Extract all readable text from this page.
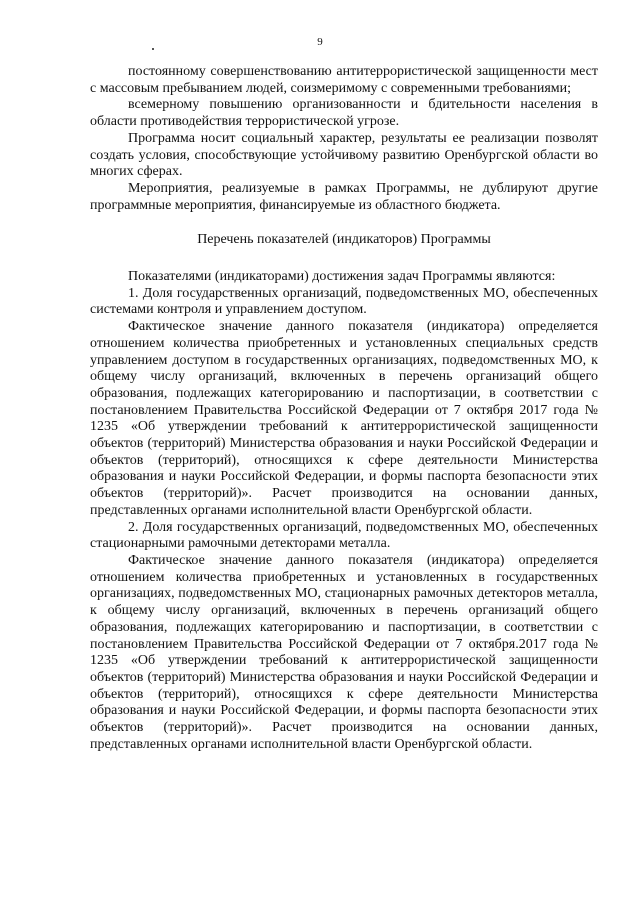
9

постоянному совершенствованию антитеррористической защищенности мест с массовым пребыванием людей, соизмеримому с современными требованиями;

всемерному повышению организованности и бдительности населения в области противодействия террористической угрозе.

Программа носит социальный характер, результаты ее реализации позволят создать условия, способствующие устойчивому развитию Оренбургской области во многих сферах.

Мероприятия, реализуемые в рамках Программы, не дублируют другие программные мероприятия, финансируемые из областного бюджета.

Перечень показателей (индикаторов) Программы

Показателями (индикаторами) достижения задач Программы являются:

1. Доля государственных организаций, подведомственных МО, обеспеченных системами контроля и управлением доступом.

Фактическое значение данного показателя (индикатора) определяется отношением количества приобретенных и установленных специальных средств управлением доступом в государственных организациях, подведомственных МО, к общему числу организаций, включенных в перечень организаций общего образования, подлежащих категорированию и паспортизации, в соответствии с постановлением Правительства Российской Федерации от 7 октября 2017 года № 1235 «Об утверждении требований к антитеррористической защищенности объектов (территорий) Министерства образования и науки Российской Федерации и объектов (территорий), относящихся к сфере деятельности Министерства образования и науки Российской Федерации, и формы паспорта безопасности этих объектов (территорий)». Расчет производится на основании данных, представленных органами исполнительной власти Оренбургской области.

2. Доля государственных организаций, подведомственных МО, обеспеченных стационарными рамочными детекторами металла.

Фактическое значение данного показателя (индикатора) определяется отношением количества приобретенных и установленных в государственных организациях, подведомственных МО, стационарных рамочных детекторов металла, к общему числу организаций, включенных в перечень организаций общего образования, подлежащих категорированию и паспортизации, в соответствии с постановлением Правительства Российской Федерации от 7 октября.2017 года № 1235 «Об утверждении требований к антитеррористической защищенности объектов (территорий) Министерства образования и науки Российской Федерации и объектов (территорий), относящихся к сфере деятельности Министерства образования и науки Российской Федерации, и формы паспорта безопасности этих объектов (территорий)». Расчет производится на основании данных, представленных органами исполнительной власти Оренбургской области.
